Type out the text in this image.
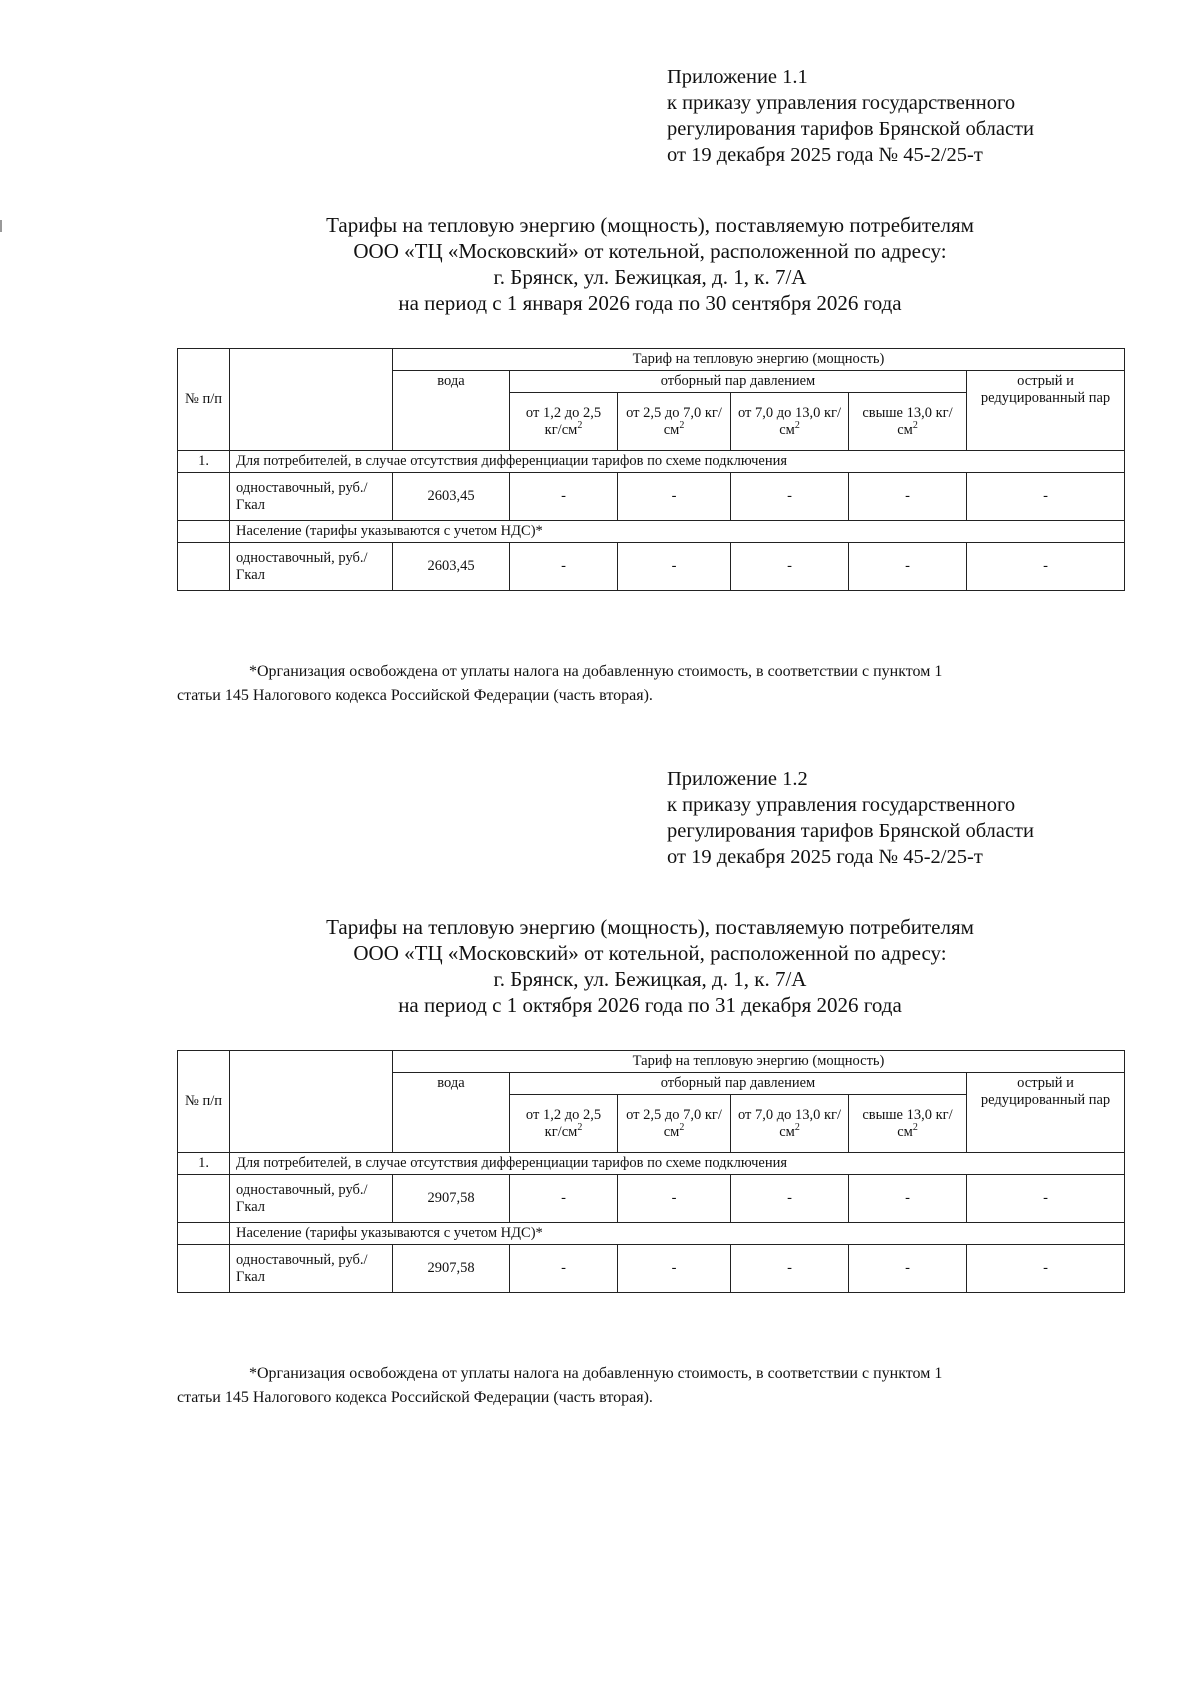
Приложение 1.1
к приказу управления государственного
регулирования тарифов Брянской области
от 19 декабря 2025 года № 45-2/25-т
Тарифы на тепловую энергию (мощность), поставляемую потребителям
ООО «ТЦ «Московский» от котельной, расположенной по адресу:
г. Брянск, ул. Бежицкая, д. 1, к. 7/А
на период с 1 января 2026 года по 30 сентября 2026 года
№ п/п		Тариф на тепловую энергию (мощность)					
		вода	отборный пар давлением				острый и редуцированный пар
			от 1,2 до 2,5 $кг/см^2$	от 2,5 до 7,0 $кг/см^2$	от 7,0 до 13,0 $кг/см^2$	свыше 13,0 $кг/см^2$
1.	Для потребителей, в случае отсутствия дифференциации тарифов по схеме подключения						
	одноставочный, руб./Гкал	2603,45	-	-	-	-	-
	Население (тарифы указываются с учетом НДС)*						
	одноставочный, руб./Гкал	2603,45	-	-	-	-	-
*Организация освобождена от уплаты налога на добавленную стоимость, в соответствии с пунктом 1
статьи 145 Налогового кодекса Российской Федерации (часть вторая).
Приложение 1.2
к приказу управления государственного
регулирования тарифов Брянской области
от 19 декабря 2025 года № 45-2/25-т
Тарифы на тепловую энергию (мощность), поставляемую потребителям
ООО «ТЦ «Московский» от котельной, расположенной по адресу:
г. Брянск, ул. Бежицкая, д. 1, к. 7/А
на период с 1 октября 2026 года по 31 декабря 2026 года
№ п/п		Тариф на тепловую энергию (мощность)					
		вода	отборный пар давлением				острый и редуцированный пар
			от 1,2 до 2,5 $кг/см^2$	от 2,5 до 7,0 $кг/см^2$	от 7,0 до 13,0 $кг/см^2$	свыше 13,0 $кг/см^2$
1.	Для потребителей, в случае отсутствия дифференциации тарифов по схеме подключения						
	одноставочный, руб./Гкал	2907,58	-	-	-	-	-
	Население (тарифы указываются с учетом НДС)*						
	одноставочный, руб./Гкал	2907,58	-	-	-	-	-
*Организация освобождена от уплаты налога на добавленную стоимость, в соответствии с пунктом 1
статьи 145 Налогового кодекса Российской Федерации (часть вторая).
